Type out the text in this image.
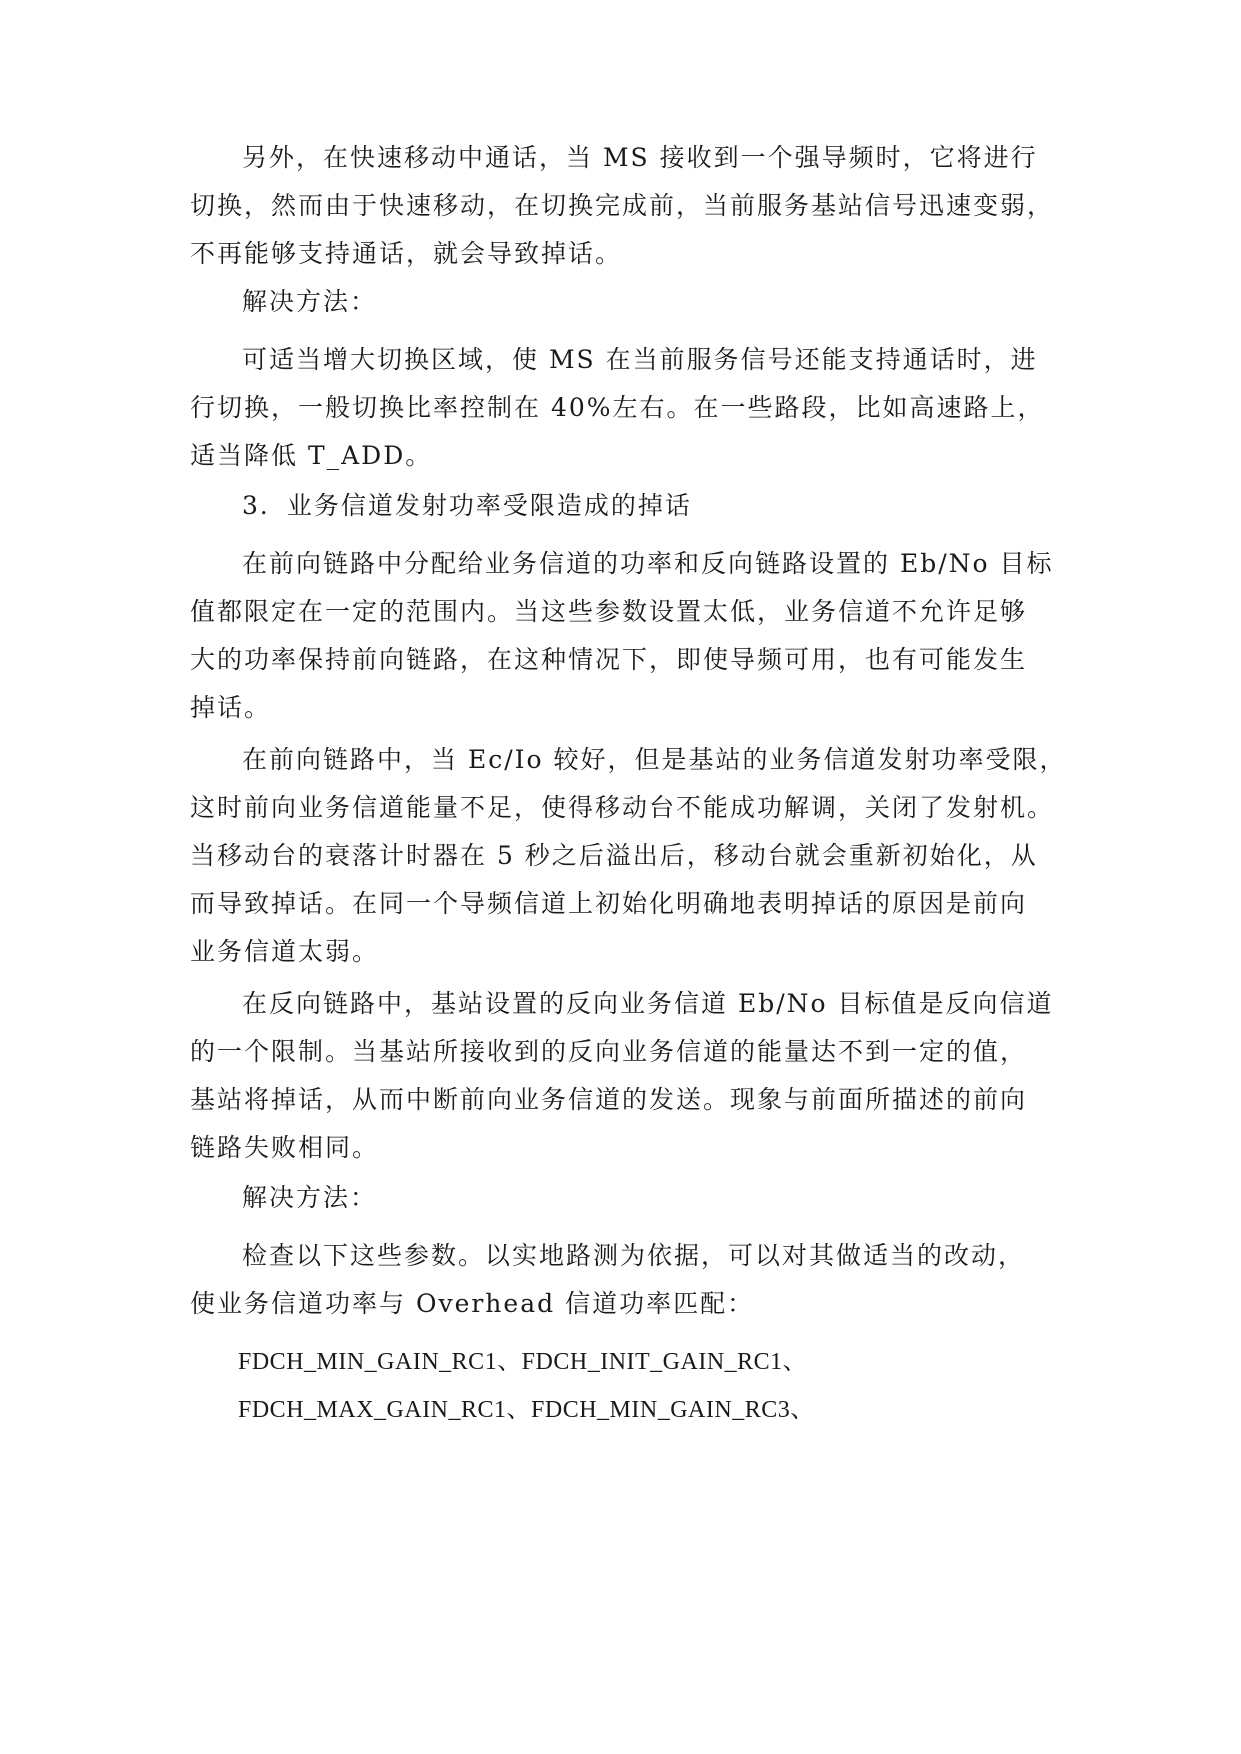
另外，在快速移动中通话，当 MS 接收到一个强导频时，它将进行
切换，然而由于快速移动，在切换完成前，当前服务基站信号迅速变弱，
不再能够支持通话，就会导致掉话。
解决方法：
可适当增大切换区域，使 MS 在当前服务信号还能支持通话时，进
行切换，一般切换比率控制在 40%左右。在一些路段，比如高速路上，
适当降低 T_ADD。
3．业务信道发射功率受限造成的掉话
在前向链路中分配给业务信道的功率和反向链路设置的 Eb/No 目标
值都限定在一定的范围内。当这些参数设置太低，业务信道不允许足够
大的功率保持前向链路，在这种情况下，即使导频可用，也有可能发生
掉话。
在前向链路中，当 Ec/Io 较好，但是基站的业务信道发射功率受限，
这时前向业务信道能量不足，使得移动台不能成功解调，关闭了发射机。
当移动台的衰落计时器在 5 秒之后溢出后，移动台就会重新初始化，从
而导致掉话。在同一个导频信道上初始化明确地表明掉话的原因是前向
业务信道太弱。
在反向链路中，基站设置的反向业务信道 Eb/No 目标值是反向信道
的一个限制。当基站所接收到的反向业务信道的能量达不到一定的值，
基站将掉话，从而中断前向业务信道的发送。现象与前面所描述的前向
链路失败相同。
解决方法：
检查以下这些参数。以实地路测为依据，可以对其做适当的改动，
使业务信道功率与 Overhead 信道功率匹配：
FDCH_MIN_GAIN_RC1、FDCH_INIT_GAIN_RC1、
FDCH_MAX_GAIN_RC1、FDCH_MIN_GAIN_RC3、
